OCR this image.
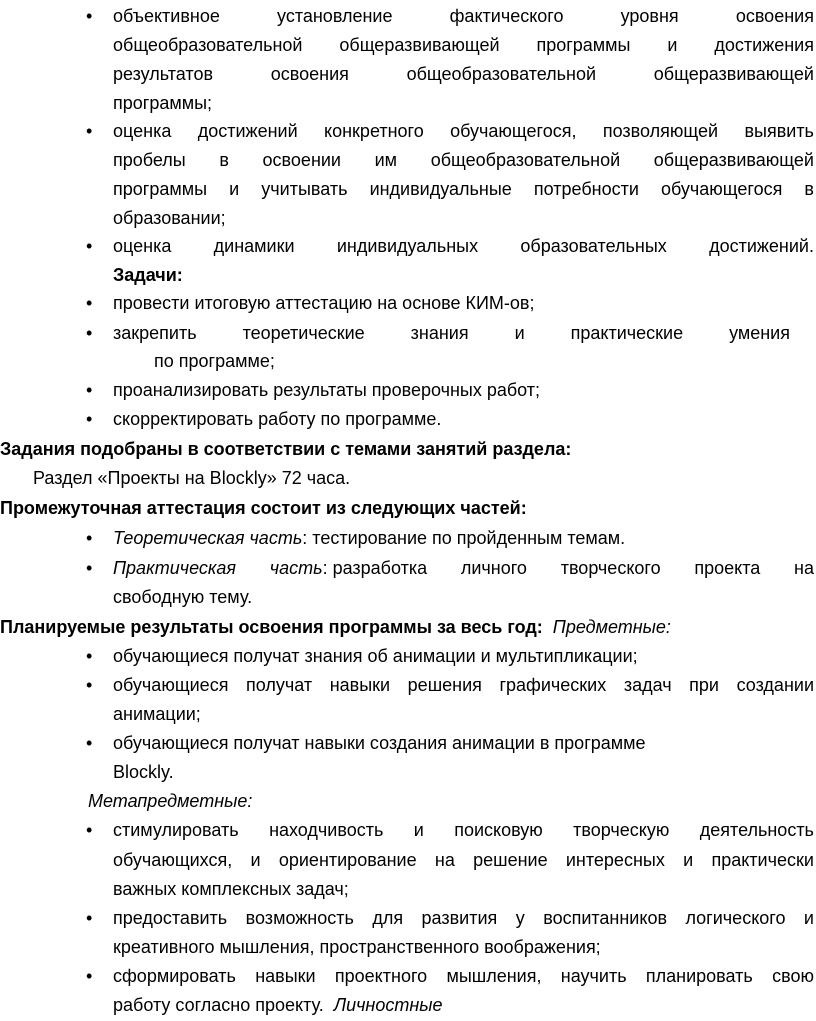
• объективное	установление	фактического	уровня	освоения
общеобразовательной общеразвивающей программы и достижения
результатов	освоения	общеобразовательной	общеразвивающей
программы;
• оценка достижений конкретного обучающегося, позволяющей выявить
пробелы в освоении им общеобразовательной общеразвивающей
программы и учитывать индивидуальные потребности обучающегося в
образовании;
• оценка динамики индивидуальных образовательных достижений.
Задачи:
• провести итоговую аттестацию на основе КИМ-ов;
• закрепить	теоретические	знания	и	практические	умения
по программе;
• проанализировать результаты проверочных работ;
• скорректировать работу по программе.
Задания подобраны в соответствии с темами занятий раздела:
Раздел «Проекты на Blockly» 72 часа.
Промежуточная аттестация состоит из следующих частей:
• Теоретическая часть: тестирование по пройденным темам.
• Практическая часть: разработка личного творческого проекта на
свободную тему.
Планируемые результаты освоения программы за весь год: Предметные:
• обучающиеся получат знания об анимации и мультипликации;
• обучающиеся получат навыки решения графических задач при создании
анимации;
• обучающиеся получат навыки создания анимации в программе
Blockly.
Метапредметные:
• стимулировать находчивость и поисковую творческую деятельность
обучающихся, и ориентирование на решение интересных и практически
важных комплексных задач;
• предоставить возможность для развития у воспитанников логического и
креативного мышления, пространственного воображения;
• сформировать навыки проектного мышления, научить планировать свою
работу согласно проекту. Личностные
